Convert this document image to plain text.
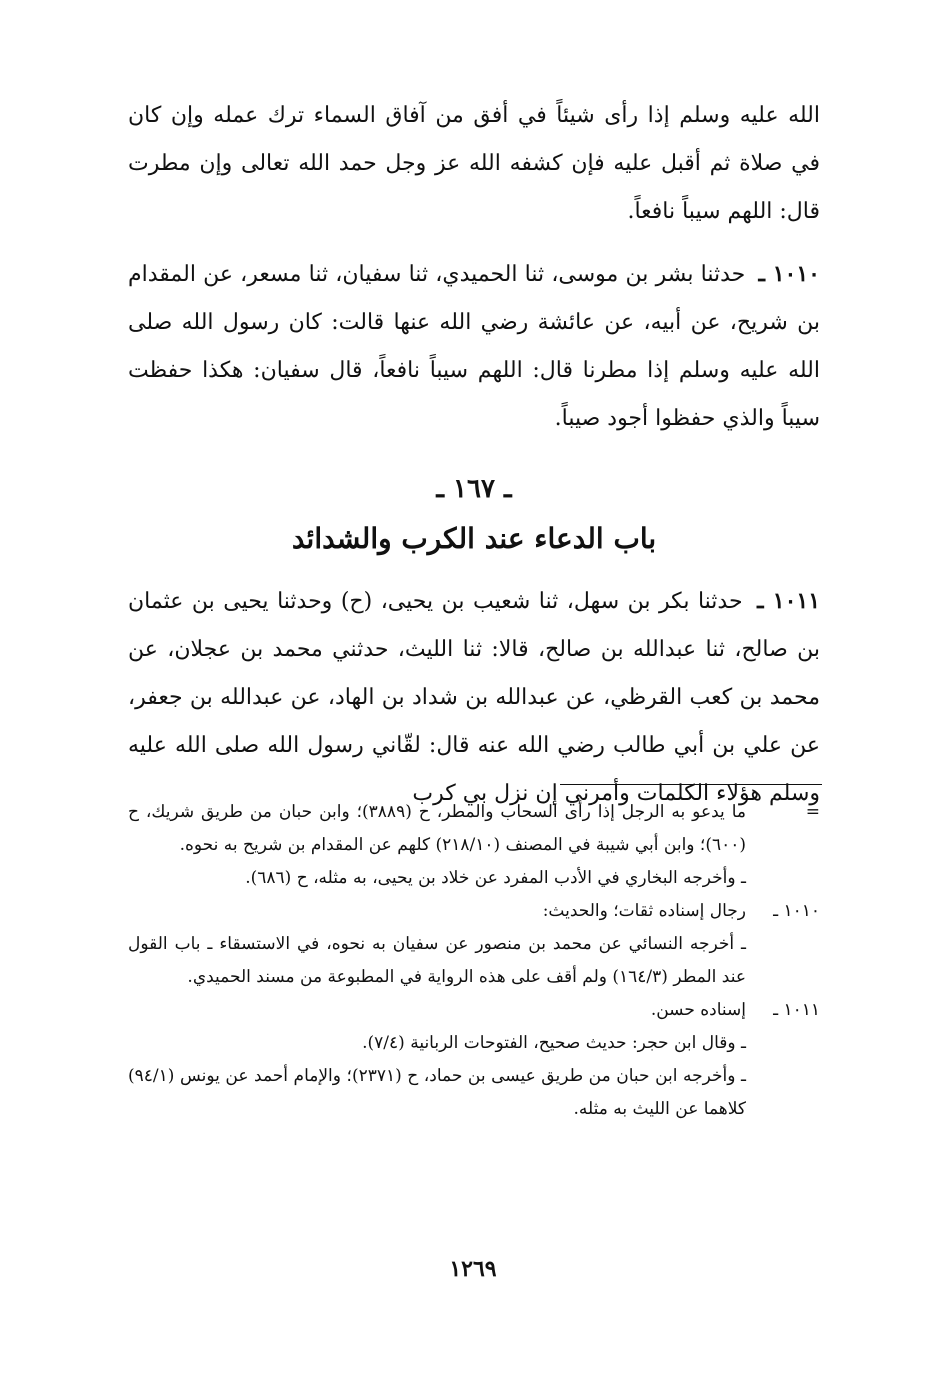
الله عليه وسلم إذا رأى شيئاً في أفق من آفاق السماء ترك عمله وإن كان في صلاة ثم أقبل عليه فإن كشفه الله عز وجل حمد الله تعالى وإن مطرت قال: اللهم سيباً نافعاً.

١٠١٠ ـ حدثنا بشر بن موسى، ثنا الحميدي، ثنا سفيان، ثنا مسعر، عن المقدام بن شريح، عن أبيه، عن عائشة رضي الله عنها قالت: كان رسول الله صلى الله عليه وسلم إذا مطرنا قال: اللهم سيباً نافعاً، قال سفيان: هكذا حفظت سيباً والذي حفظوا أجود صيباً.

ـ ١٦٧ ـ
باب الدعاء عند الكرب والشدائد

١٠١١ ـ حدثنا بكر بن سهل، ثنا شعيب بن يحيى، (ح) وحدثنا يحيى بن عثمان بن صالح، ثنا عبدالله بن صالح، قالا: ثنا الليث، حدثني محمد بن عجلان، عن محمد بن كعب القرظي، عن عبدالله بن شداد بن الهاد، عن عبدالله بن جعفر، عن علي بن أبي طالب رضي الله عنه قال: لقّاني رسول الله صلى الله عليه وسلم هؤلاء الكلمات وأمرني إن نزل بي كرب

=
ما يدعو به الرجل إذا رأى السحاب والمطر، ح (٣٨٨٩)؛ وابن حبان من طريق شريك، ح (٦٠٠)؛ وابن أبي شيبة في المصنف (٢١٨/١٠) كلهم عن المقدام بن شريح به نحوه.

ـ وأخرجه البخاري في الأدب المفرد عن خلاد بن يحيى، به مثله، ح (٦٨٦).

١٠١٠ ـ
رجال إسناده ثقات؛ والحديث:

ـ أخرجه النسائي عن محمد بن منصور عن سفيان به نحوه، في الاستسقاء ـ باب القول عند المطر (١٦٤/٣) ولم أقف على هذه الرواية في المطبوعة من مسند الحميدي.

١٠١١ ـ
إسناده حسن.

ـ وقال ابن حجر: حديث صحيح، الفتوحات الربانية (٧/٤).

ـ وأخرجه ابن حبان من طريق عيسى بن حماد، ح (٢٣٧١)؛ والإمام أحمد عن يونس (٩٤/١) كلاهما عن الليث به مثله.

١٢٦٩
